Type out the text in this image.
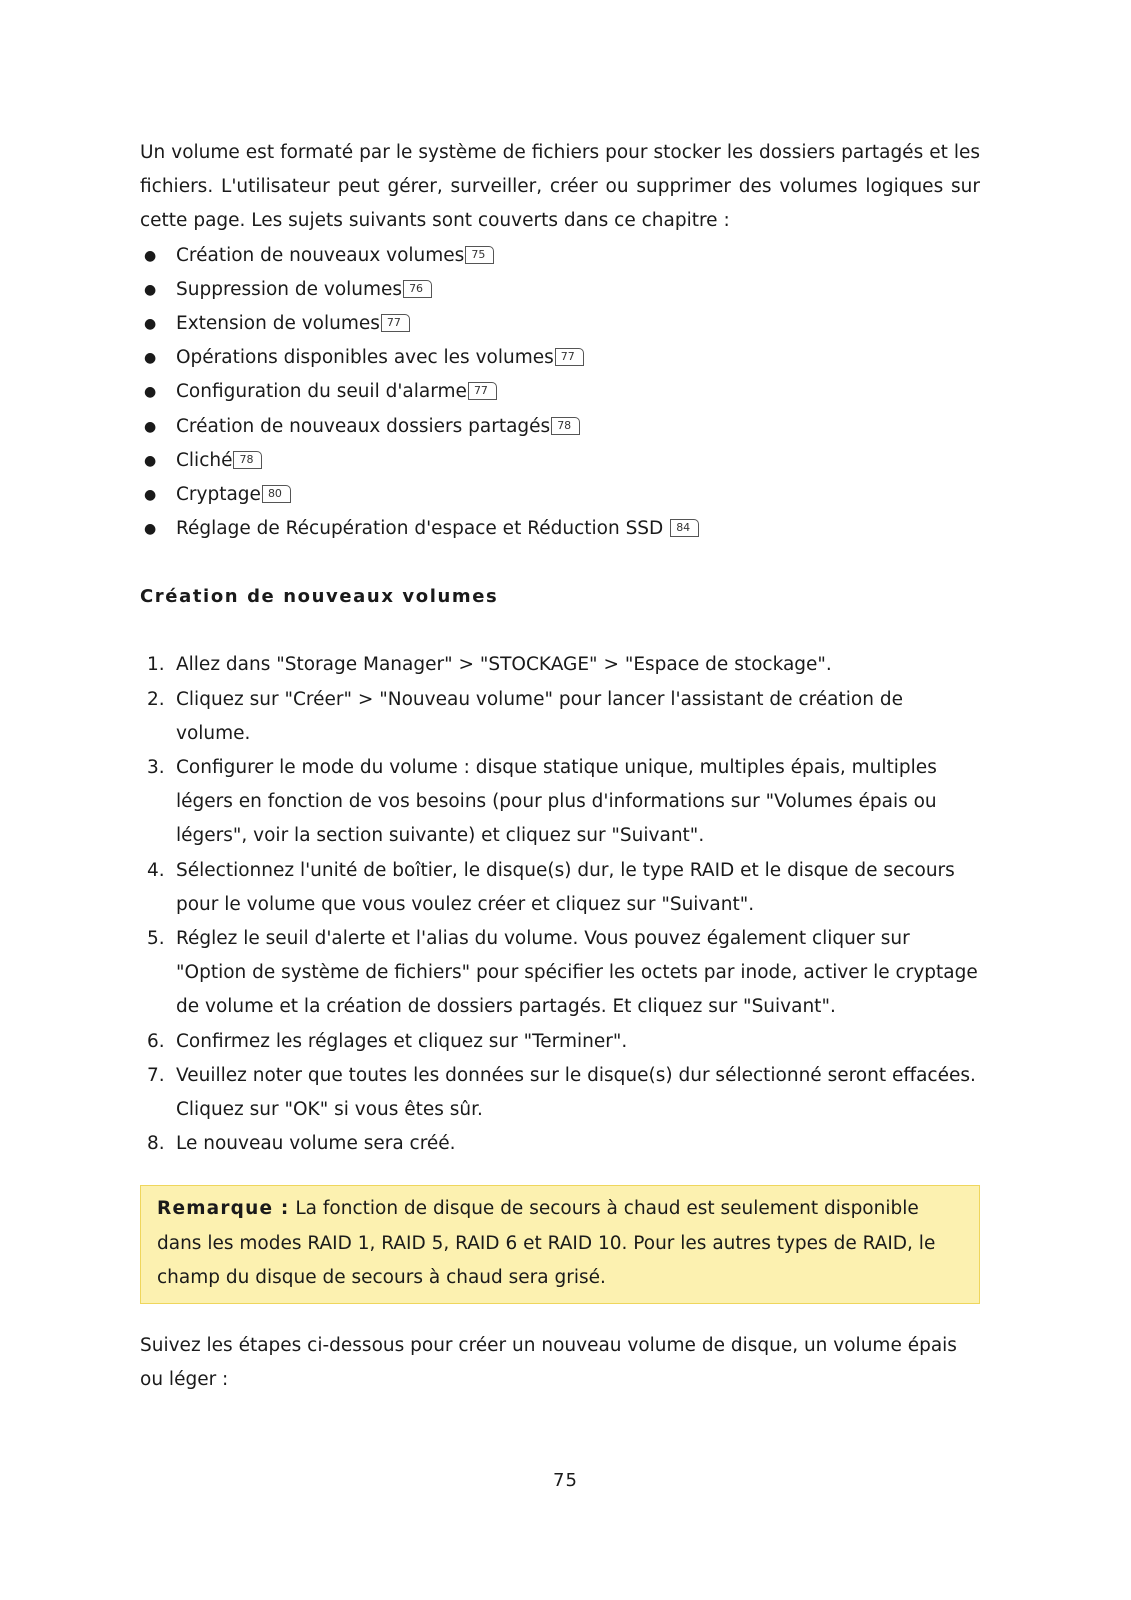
Un volume est formaté par le système de fichiers pour stocker les dossiers partagés et les fichiers. L'utilisateur peut gérer, surveiller, créer ou supprimer des volumes logiques sur cette page. Les sujets suivants sont couverts dans ce chapitre :

● Création de nouveaux volumes 75
● Suppression de volumes 76
● Extension de volumes 77
● Opérations disponibles avec les volumes 77
● Configuration du seuil d'alarme 77
● Création de nouveaux dossiers partagés 78
● Cliché 78
● Cryptage 80
● Réglage de Récupération d'espace et Réduction SSD 84
Création de nouveaux volumes
1. Allez dans "Storage Manager" > "STOCKAGE" > "Espace de stockage".
2. Cliquez sur "Créer" > "Nouveau volume" pour lancer l'assistant de création de volume.
3. Configurer le mode du volume : disque statique unique, multiples épais, multiples légers en fonction de vos besoins (pour plus d'informations sur "Volumes épais ou légers", voir la section suivante) et cliquez sur "Suivant".
4. Sélectionnez l'unité de boîtier, le disque(s) dur, le type RAID et le disque de secours pour le volume que vous voulez créer et cliquez sur "Suivant".
5. Réglez le seuil d'alerte et l'alias du volume. Vous pouvez également cliquer sur "Option de système de fichiers" pour spécifier les octets par inode, activer le cryptage de volume et la création de dossiers partagés. Et cliquez sur "Suivant".
6. Confirmez les réglages et cliquez sur "Terminer".
7. Veuillez noter que toutes les données sur le disque(s) dur sélectionné seront effacées. Cliquez sur "OK" si vous êtes sûr.
8. Le nouveau volume sera créé.
Remarque : La fonction de disque de secours à chaud est seulement disponible dans les modes RAID 1, RAID 5, RAID 6 et RAID 10. Pour les autres types de RAID, le champ du disque de secours à chaud sera grisé.

Suivez les étapes ci-dessous pour créer un nouveau volume de disque, un volume épais ou léger :

75
